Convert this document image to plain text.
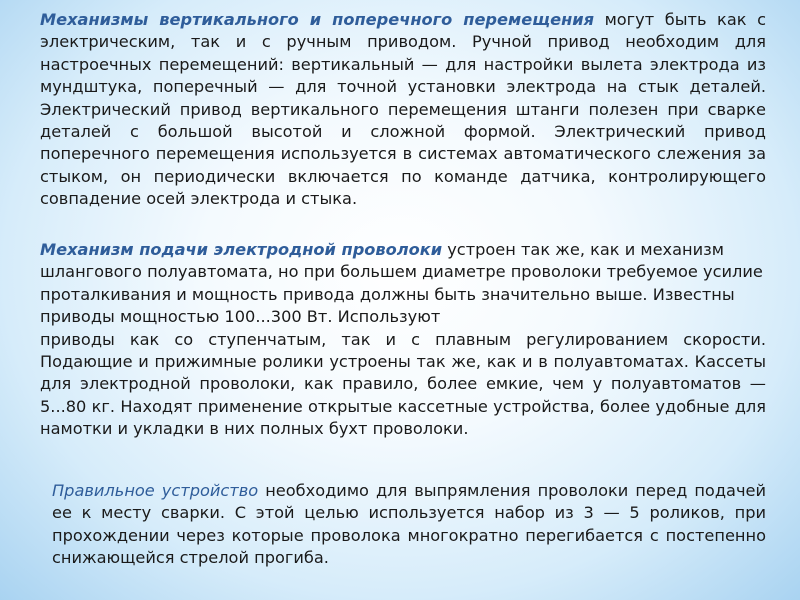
Механизмы вертикального и поперечного перемещения могут быть как с электрическим, так и с ручным приводом. Ручной привод необходим для настроечных перемещений: вертикальный — для настройки вылета электрода из мундштука, поперечный — для точной установки электрода на стык деталей. Электрический привод вертикального перемещения штанги полезен при сварке деталей с большой высотой и сложной формой. Электрический привод поперечного перемещения используется в системах автоматического слежения за стыком, он периодически включается по команде датчика, контролирующего совпадение осей электрода и стыка.

Механизм подачи электродной проволоки устроен так же, как и механизм шлангового полуавтомата, но при большем диаметре проволоки требуемое усилие проталкивания и мощность привода должны быть значительно выше. Известны приводы мощностью 100...300 Вт. Используют

приводы как со ступенчатым, так и с плавным регулированием скорости. Подающие и прижимные ролики устроены так же, как и в полуавтоматах. Кассеты для электродной проволоки, как правило, более емкие, чем у полуавтоматов — 5...80 кг. Находят применение открытые кассетные устройства, более удобные для намотки и укладки в них полных бухт проволоки.

Правильное устройство необходимо для выпрямления проволоки перед подачей ее к месту сварки. С этой целью используется набор из 3 — 5 роликов, при прохождении через которые проволока многократно перегибается с постепенно снижающейся стрелой прогиба.
